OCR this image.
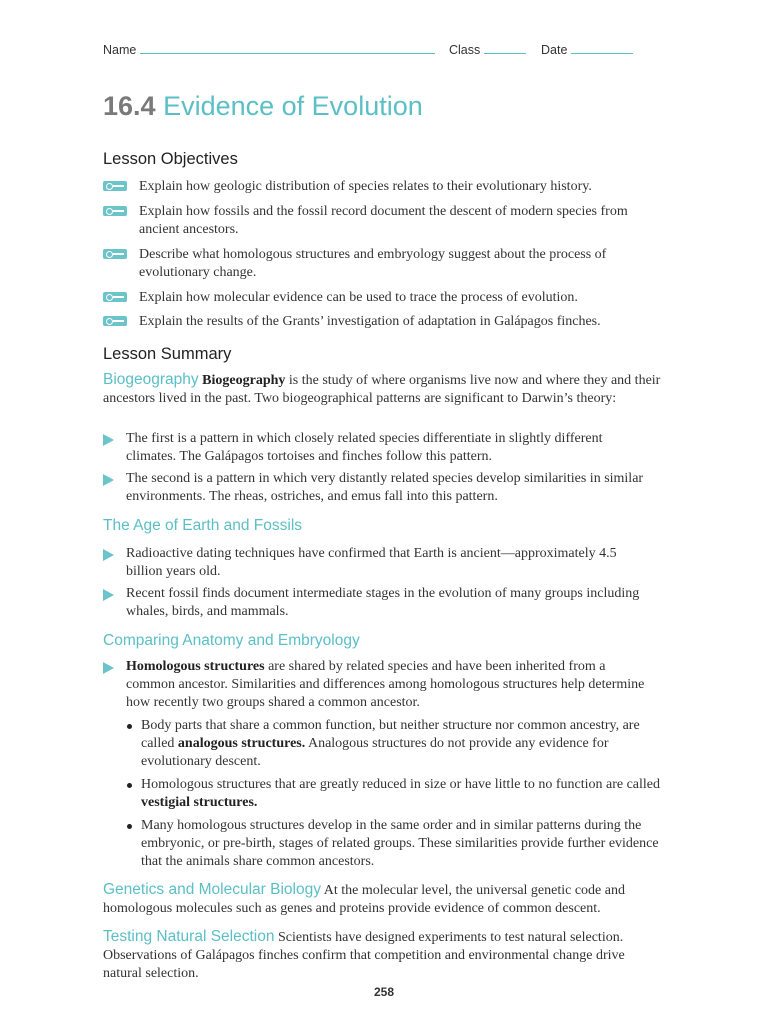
Name	Class	Date
16.4 Evidence of Evolution
Lesson Objectives
Explain how geologic distribution of species relates to their evolutionary history.
Explain how fossils and the fossil record document the descent of modern species from ancient ancestors.
Describe what homologous structures and embryology suggest about the process of evolutionary change.
Explain how molecular evidence can be used to trace the process of evolution.
Explain the results of the Grants’ investigation of adaptation in Galápagos finches.
Lesson Summary
Biogeography Biogeography is the study of where organisms live now and where they and their ancestors lived in the past. Two biogeographical patterns are significant to Darwin’s theory:
The first is a pattern in which closely related species differentiate in slightly different climates. The Galápagos tortoises and finches follow this pattern.
The second is a pattern in which very distantly related species develop similarities in similar environments. The rheas, ostriches, and emus fall into this pattern.
The Age of Earth and Fossils
Radioactive dating techniques have confirmed that Earth is ancient—approximately 4.5 billion years old.
Recent fossil finds document intermediate stages in the evolution of many groups including whales, birds, and mammals.
Comparing Anatomy and Embryology
Homologous structures are shared by related species and have been inherited from a common ancestor. Similarities and differences among homologous structures help determine how recently two groups shared a common ancestor.
Body parts that share a common function, but neither structure nor common ancestry, are called analogous structures. Analogous structures do not provide any evidence for evolutionary descent.
Homologous structures that are greatly reduced in size or have little to no function are called vestigial structures.
Many homologous structures develop in the same order and in similar patterns during the embryonic, or pre-birth, stages of related groups. These similarities provide further evidence that the animals share common ancestors.
Genetics and Molecular Biology At the molecular level, the universal genetic code and homologous molecules such as genes and proteins provide evidence of common descent.
Testing Natural Selection Scientists have designed experiments to test natural selection. Observations of Galápagos finches confirm that competition and environmental change drive natural selection.
258
